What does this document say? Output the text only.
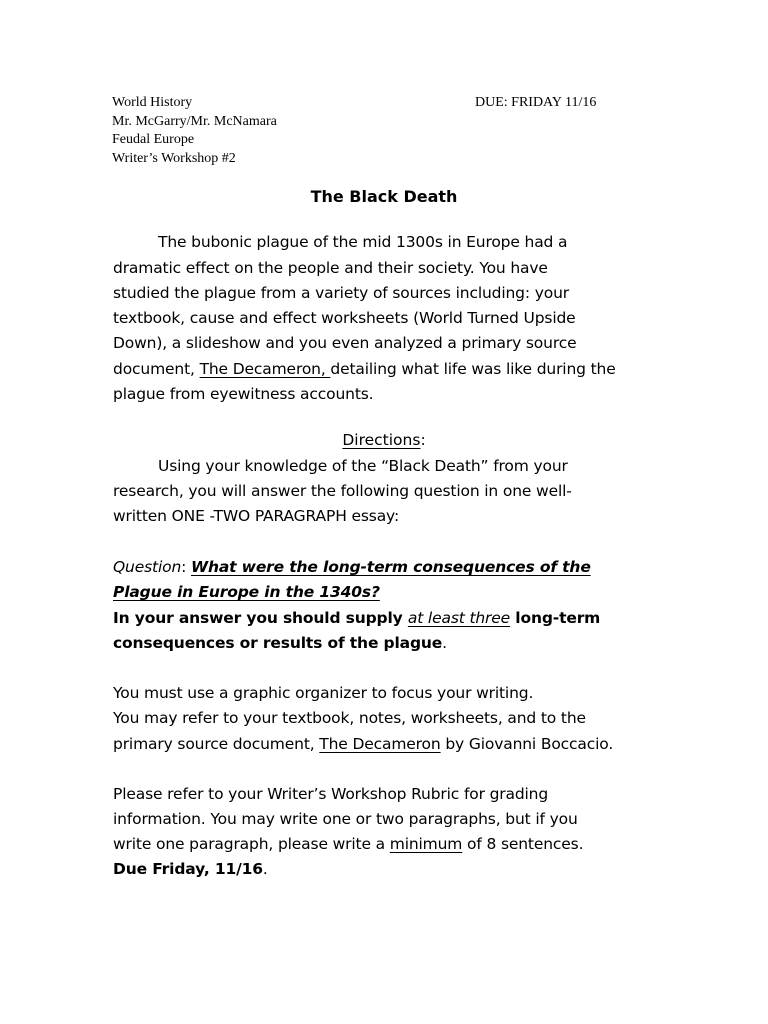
World History
Mr. McGarry/Mr. McNamara
Feudal Europe
Writer’s Workshop #2
DUE: FRIDAY 11/16
The Black Death
The bubonic plague of the mid 1300s in Europe had a
dramatic effect on the people and their society. You have
studied the plague from a variety of sources including: your
textbook, cause and effect worksheets (World Turned Upside
Down), a slideshow and you even analyzed a primary source
document, The Decameron, detailing what life was like during the
plague from eyewitness accounts.
Directions:
Using your knowledge of the “Black Death” from your
research, you will answer the following question in one well-
written ONE -TWO PARAGRAPH essay:
Question: What were the long-term consequences of the
Plague in Europe in the 1340s?
In your answer you should supply at least three long-term
consequences or results of the plague.
You must use a graphic organizer to focus your writing.
You may refer to your textbook, notes, worksheets, and to the
primary source document, The Decameron by Giovanni Boccacio.
Please refer to your Writer’s Workshop Rubric for grading
information. You may write one or two paragraphs, but if you
write one paragraph, please write a minimum of 8 sentences.
Due Friday, 11/16.
